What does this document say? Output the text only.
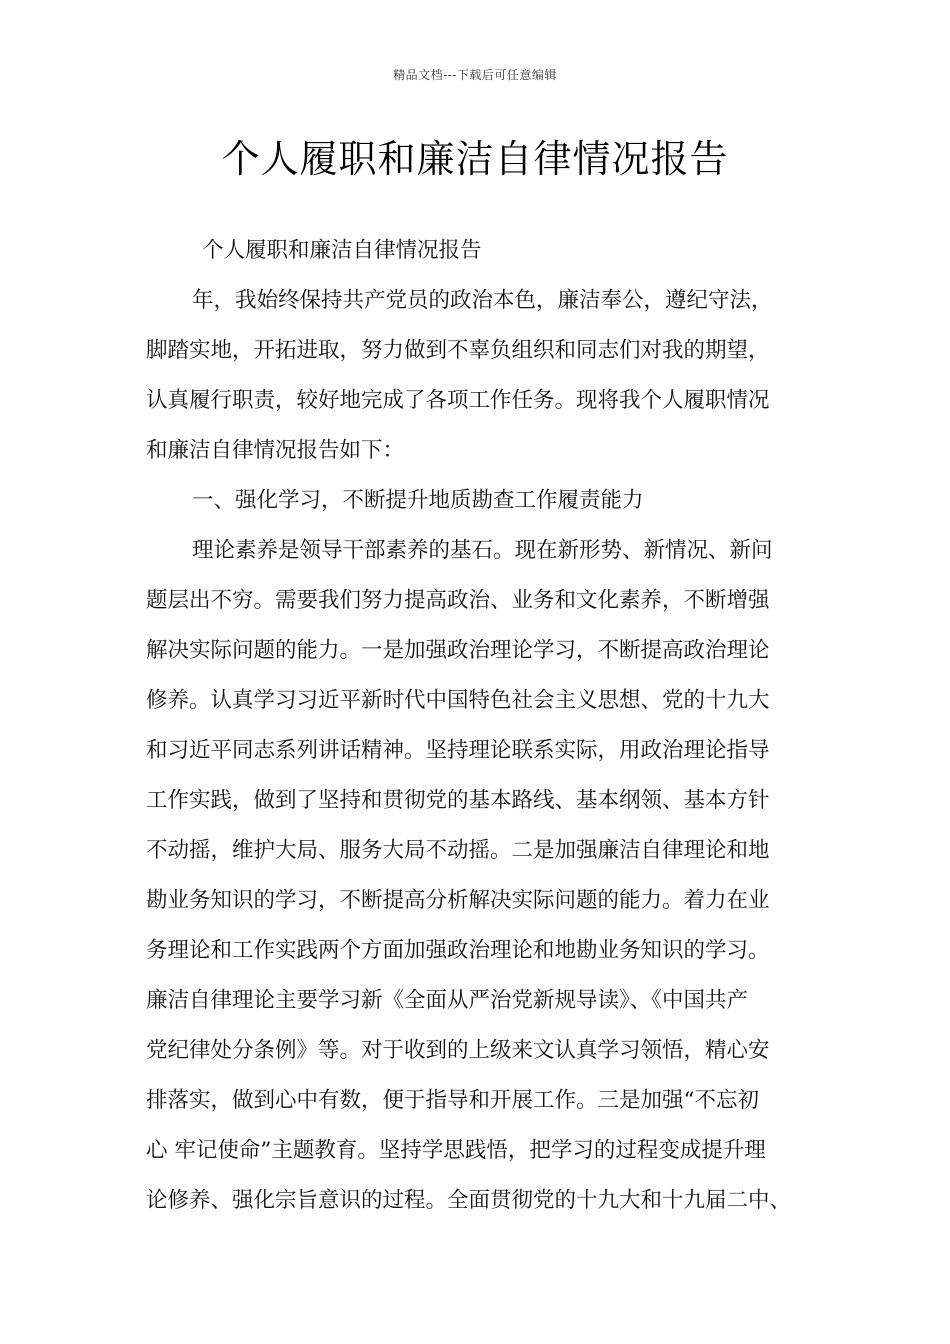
精品文档---下载后可任意编辑
个人履职和廉洁自律情况报告
个人履职和廉洁自律情况报告
年，我始终保持共产党员的政治本色，廉洁奉公，遵纪守法，
脚踏实地，开拓进取，努力做到不辜负组织和同志们对我的期望，
认真履行职责，较好地完成了各项工作任务。现将我个人履职情况
和廉洁自律情况报告如下：
一、强化学习，不断提升地质勘查工作履责能力
理论素养是领导干部素养的基石。现在新形势、新情况、新问
题层出不穷。需要我们努力提高政治、业务和文化素养，不断增强
解决实际问题的能力。一是加强政治理论学习，不断提高政治理论
修养。认真学习习近平新时代中国特色社会主义思想、党的十九大
和习近平同志系列讲话精神。坚持理论联系实际，用政治理论指导
工作实践，做到了坚持和贯彻党的基本路线、基本纲领、基本方针
不动摇，维护大局、服务大局不动摇。二是加强廉洁自律理论和地
勘业务知识的学习，不断提高分析解决实际问题的能力。着力在业
务理论和工作实践两个方面加强政治理论和地勘业务知识的学习。
廉洁自律理论主要学习新《全面从严治党新规导读》、《中国共产
党纪律处分条例》等。对于收到的上级来文认真学习领悟，精心安
排落实，做到心中有数，便于指导和开展工作。三是加强“不忘初
心 牢记使命”主题教育。坚持学思践悟，把学习的过程变成提升理
论修养、强化宗旨意识的过程。全面贯彻党的十九大和十九届二中、
